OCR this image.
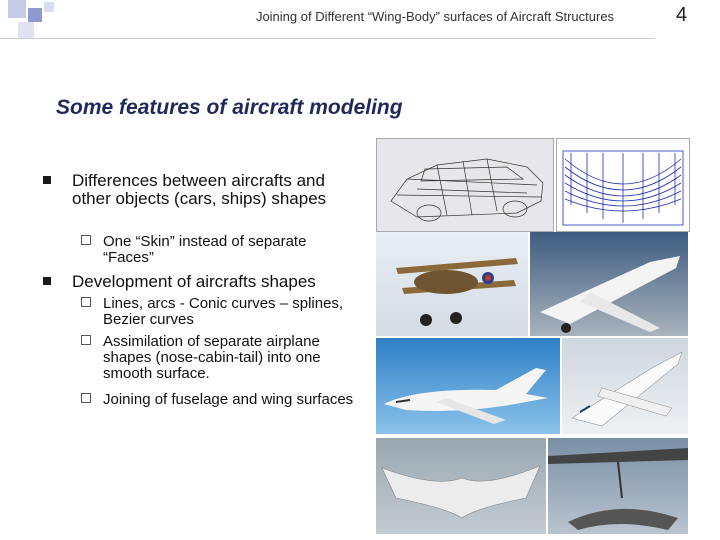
Joining of Different “Wing-Body” surfaces of Aircraft Structures	4
Some features of aircraft modeling
Differences between aircrafts and other objects (cars, ships) shapes
One “Skin” instead of separate “Faces”
Development of aircrafts shapes
Lines, arcs - Conic curves – splines, Bezier curves
Assimilation of separate airplane shapes (nose-cabin-tail) into one smooth surface.
Joining of fuselage and wing surfaces
